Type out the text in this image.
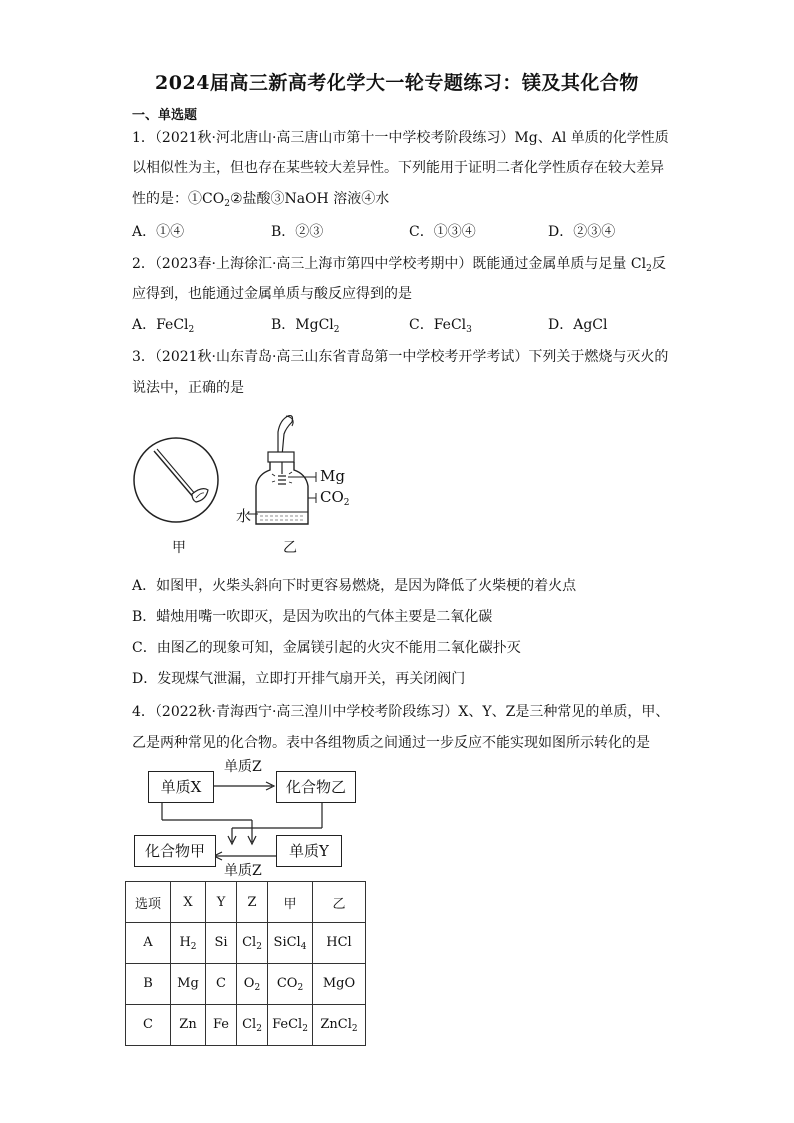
2024届高三新高考化学大一轮专题练习：镁及其化合物
一、单选题
1．（2021秋·河北唐山·高三唐山市第十一中学校考阶段练习）Mg、Al 单质的化学性质
以相似性为主，但也存在某些较大差异性。下列能用于证明二者化学性质存在较大差异
性的是：$①CO_2②$盐酸③NaOH 溶液④水
A．①④	B．②③	C．①③④	D．②③④
2．（2023春·上海徐汇·高三上海市第四中学校考期中）既能通过金属单质与足量 $Cl_2$反
应得到，也能通过金属单质与酸反应得到的是
A．FeCl$_2$	B．MgCl$_2$	C．FeCl$_3$	D．AgCl
3．（2021秋·山东青岛·高三山东省青岛第一中学校考开学考试）下列关于燃烧与灭火的
说法中，正确的是
甲
Mg
$CO_2$
水
乙
A．如图甲，火柴头斜向下时更容易燃烧，是因为降低了火柴梗的着火点
B．蜡烛用嘴一吹即灭，是因为吹出的气体主要是二氧化碳
C．由图乙的现象可知，金属镁引起的火灾不能用二氧化碳扑灭
D．发现煤气泄漏，立即打开排气扇开关，再关闭阀门
4．（2022秋·青海西宁·高三湟川中学校考阶段练习）X、Y、Z是三种常见的单质，甲、
乙是两种常见的化合物。表中各组物质之间通过一步反应不能实现如图所示转化的是
单质Z
单质Z
单质X	化合物乙
化合物甲	单质Y
选项	X	Y	Z	甲	乙
A	$H_2$	Si	$Cl_2$	SiCl$_4$	HCl
B	Mg	C	$O_2$	$CO_2$	MgO
C	Zn	Fe	$Cl_2$	FeCl$_2$	ZnCl$_2$
